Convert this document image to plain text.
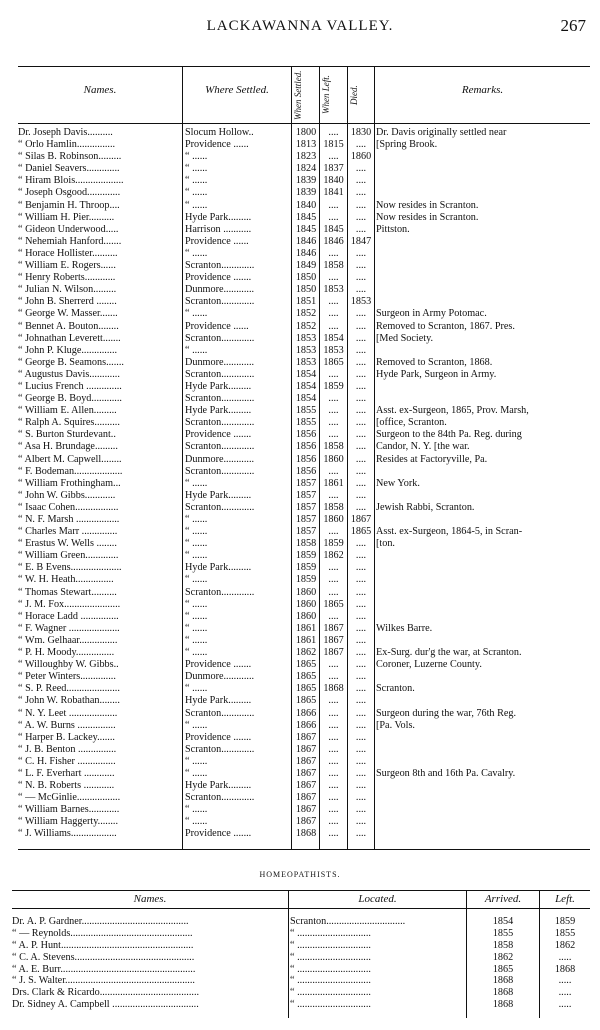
LACKAWANNA VALLEY.	267
Names.	Where Settled.	When Settled.	When Left.	Died.	Remarks.
Dr. Joseph Davis..........	Slocum Hollow..	1800	....	1830 Dr. Davis originally settled near
“ Orlo Hamlin...............	Providence ......	1813 1815	.... [Spring Brook.
“ Silas B. Robinson.........	“ ......	1823	....	1860
“ Daniel Seavers.............	“ ......	1824 1837	....
“ Hiram Blois...................	“ ......	1839 1840	....
“ Joseph Osgood.............	“ ......	1839 1841	....
“ Benjamin H. Throop....	“ ......	1840	....	.... Now resides in Scranton.
“ William H. Pier..........	Hyde Park.........	1845	....	.... Now resides in Scranton.
“ Gideon Underwood.....	Harrison ...........	1845 1845	.... Pittston.
“ Nehemiah Hanford.......	Providence ......	1846 1846 1847
“ Horace Hollister..........	“ ......	1846	....	....
“ William E. Rogers......	Scranton.............	1849 1858	....
“ Henry Roberts............	Providence .......	1850	....	....
“ Julian N. Wilson.........	Dunmore............	1850 1853	....
“ John B. Sherrerd ........	Scranton.............	1851	....	1853
“ George W. Masser.......	“ ......	1852	....	.... Surgeon in Army Potomac.
“ Bennet A. Bouton........	Providence ......	1852	....	.... Removed to Scranton, 1867. Pres.
“ Johnathan Leverett.......	Scranton.............	1853 1854	.... [Med Society.
“ John P. Kluge..............	“ ......	1853 1853	....
“ George B. Seamons.......	Dunmore............	1853 1865	.... Removed to Scranton, 1868.
“ Augustus Davis............	Scranton.............	1854	....	.... Hyde Park, Surgeon in Army.
“ Lucius French ..............	Hyde Park.........	1854 1859	....
“ George B. Boyd............	Scranton.............	1854	....	....
“ William E. Allen.........	Hyde Park.........	1855	....	.... Asst. ex-Surgeon, 1865, Prov. Marsh,
“ Ralph A. Squires..........	Scranton.............	1855	....	.... [office, Scranton.
“ S. Burton Sturdevant..	Providence .......	1856	....	.... Surgeon to the 84th Pa. Reg. during
“ Asa H. Brundage.........	Scranton.............	1856 1858	.... Candor, N. Y. [the war.
“ Albert M. Capwell........	Dunmore............	1856 1860	.... Resides at Factoryville, Pa.
“ F. Bodeman...................	Scranton.............	1856	....	....
“ William Frothingham...	“ ......	1857 1861	.... New York.
“ John W. Gibbs............	Hyde Park.........	1857	....	....
“ Isaac Cohen.................	Scranton.............	1857 1858	.... Jewish Rabbi, Scranton.
“ N. F. Marsh .................	“ ......	1857 1860 1867
“ Charles Marr ..............	“ ......	1857	....	1865 Asst. ex-Surgeon, 1864-5, in Scran-
“ Erastus W. Wells ........	“ ......	1858 1859	.... [ton.
“ William Green.............	“ ......	1859 1862	....
“ E. B Evens....................	Hyde Park.........	1859	....	....
“ W. H. Heath...............	“ ......	1859	....	....
“ Thomas Stewart..........	Scranton.............	1860	....	....
“ J. M. Fox......................	“ ......	1860 1865	....
“ Horace Ladd ...............	“ ......	1860	....	....
“ F. Wagner ....................	“ ......	1861 1867	.... Wilkes Barre.
“ Wm. Gelhaar...............	“ ......	1861 1867	....
“ P. H. Moody...............	“ ......	1862 1867	.... Ex-Surg. dur'g the war, at Scranton.
“ Willoughby W. Gibbs..	Providence .......	1865	....	.... Coroner, Luzerne County.
“ Peter Winters..............	Dunmore............	1865	....	....
“ S. P. Reed.....................	“ ......	1865 1868	.... Scranton.
“ John W. Robathan........	Hyde Park.........	1865	....	....
“ N. Y. Leet ...................	Scranton.............	1866	....	.... Surgeon during the war, 76th Reg.
“ A. W. Burns ...............	“ ......	1866	....	.... [Pa. Vols.
“ Harper B. Lackey.......	Providence .......	1867	....	....
“ J. B. Benton ...............	Scranton.............	1867	....	....
“ C. H. Fisher ...............	“ ......	1867	....	....
“ L. F. Everhart ............	“ ......	1867	....	.... Surgeon 8th and 16th Pa. Cavalry.
“ N. B. Roberts ............	Hyde Park.........	1867	....	....
“ — McGinlie.................	Scranton.............	1867	....	....
“ William Barnes............	“ ......	1867	....	....
“ William Haggerty........	“ ......	1867	....	....
“ J. Williams..................	Providence .......	1868	....	....
HOMEOPATHISTS.
Names.	Located.	Arrived.	Left.
Dr. A. P. Gardner..........................................	Scranton...............................	1854	1859
“ — Reynolds................................................	“ .............................	1855	1855
“ A. P. Hunt....................................................	“ .............................	1858	1862
“ C. A. Stevens...............................................	“ .............................	1862	.....
“ A. E. Burr.....................................................	“ .............................	1865	1868
“ J. S. Walter...................................................	“ .............................	1868	.....
Drs. Clark & Ricardo.......................................	“ .............................	1868	.....
Dr. Sidney A. Campbell ..................................	“ .............................	1868	.....
